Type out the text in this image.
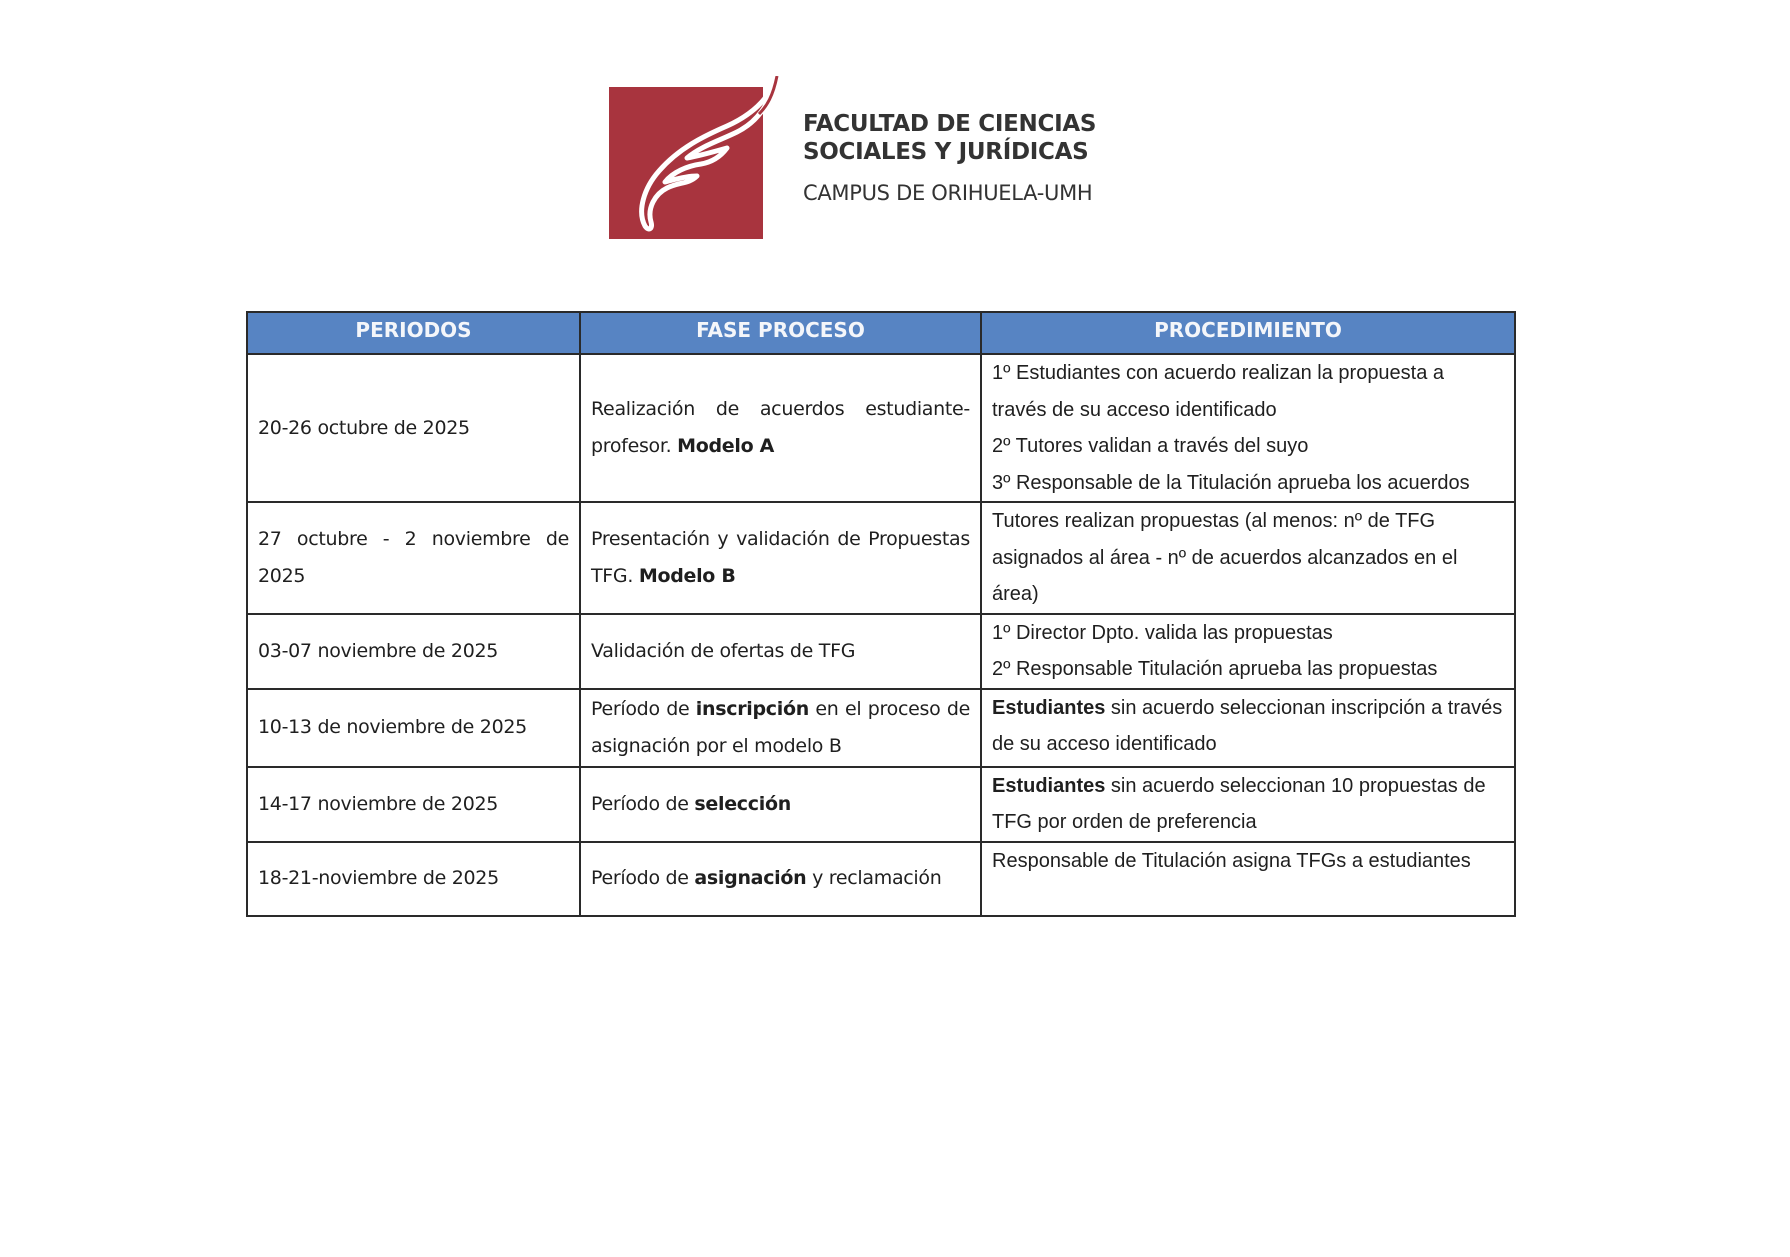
FACULTAD DE CIENCIAS
SOCIALES Y JURÍDICAS
CAMPUS DE ORIHUELA-UMH
PERIODOS	FASE PROCESO	PROCEDIMIENTO
20-26 octubre de 2025	Realización de acuerdos estudiante-profesor. Modelo A	1º Estudiantes con acuerdo realizan la propuesta a través de su acceso identificado
2º Tutores validan a través del suyo
3º Responsable de la Titulación aprueba los acuerdos

27 octubre - 2 noviembre de 2025	Presentación y validación de Propuestas TFG. Modelo B	Tutores realizan propuestas (al menos: nº de TFG asignados al área - nº de acuerdos alcanzados en el área)

03-07 noviembre de 2025	Validación de ofertas de TFG	1º Director Dpto. valida las propuestas
2º Responsable Titulación aprueba las propuestas

10-13 de noviembre de 2025	Período de inscripción en el proceso de asignación por el modelo B	Estudiantes sin acuerdo seleccionan inscripción a través de su acceso identificado

14-17 noviembre de 2025	Período de selección	Estudiantes sin acuerdo seleccionan 10 propuestas de TFG por orden de preferencia

18-21-noviembre de 2025	Período de asignación y reclamación	Responsable de Titulación asigna TFGs a estudiantes
